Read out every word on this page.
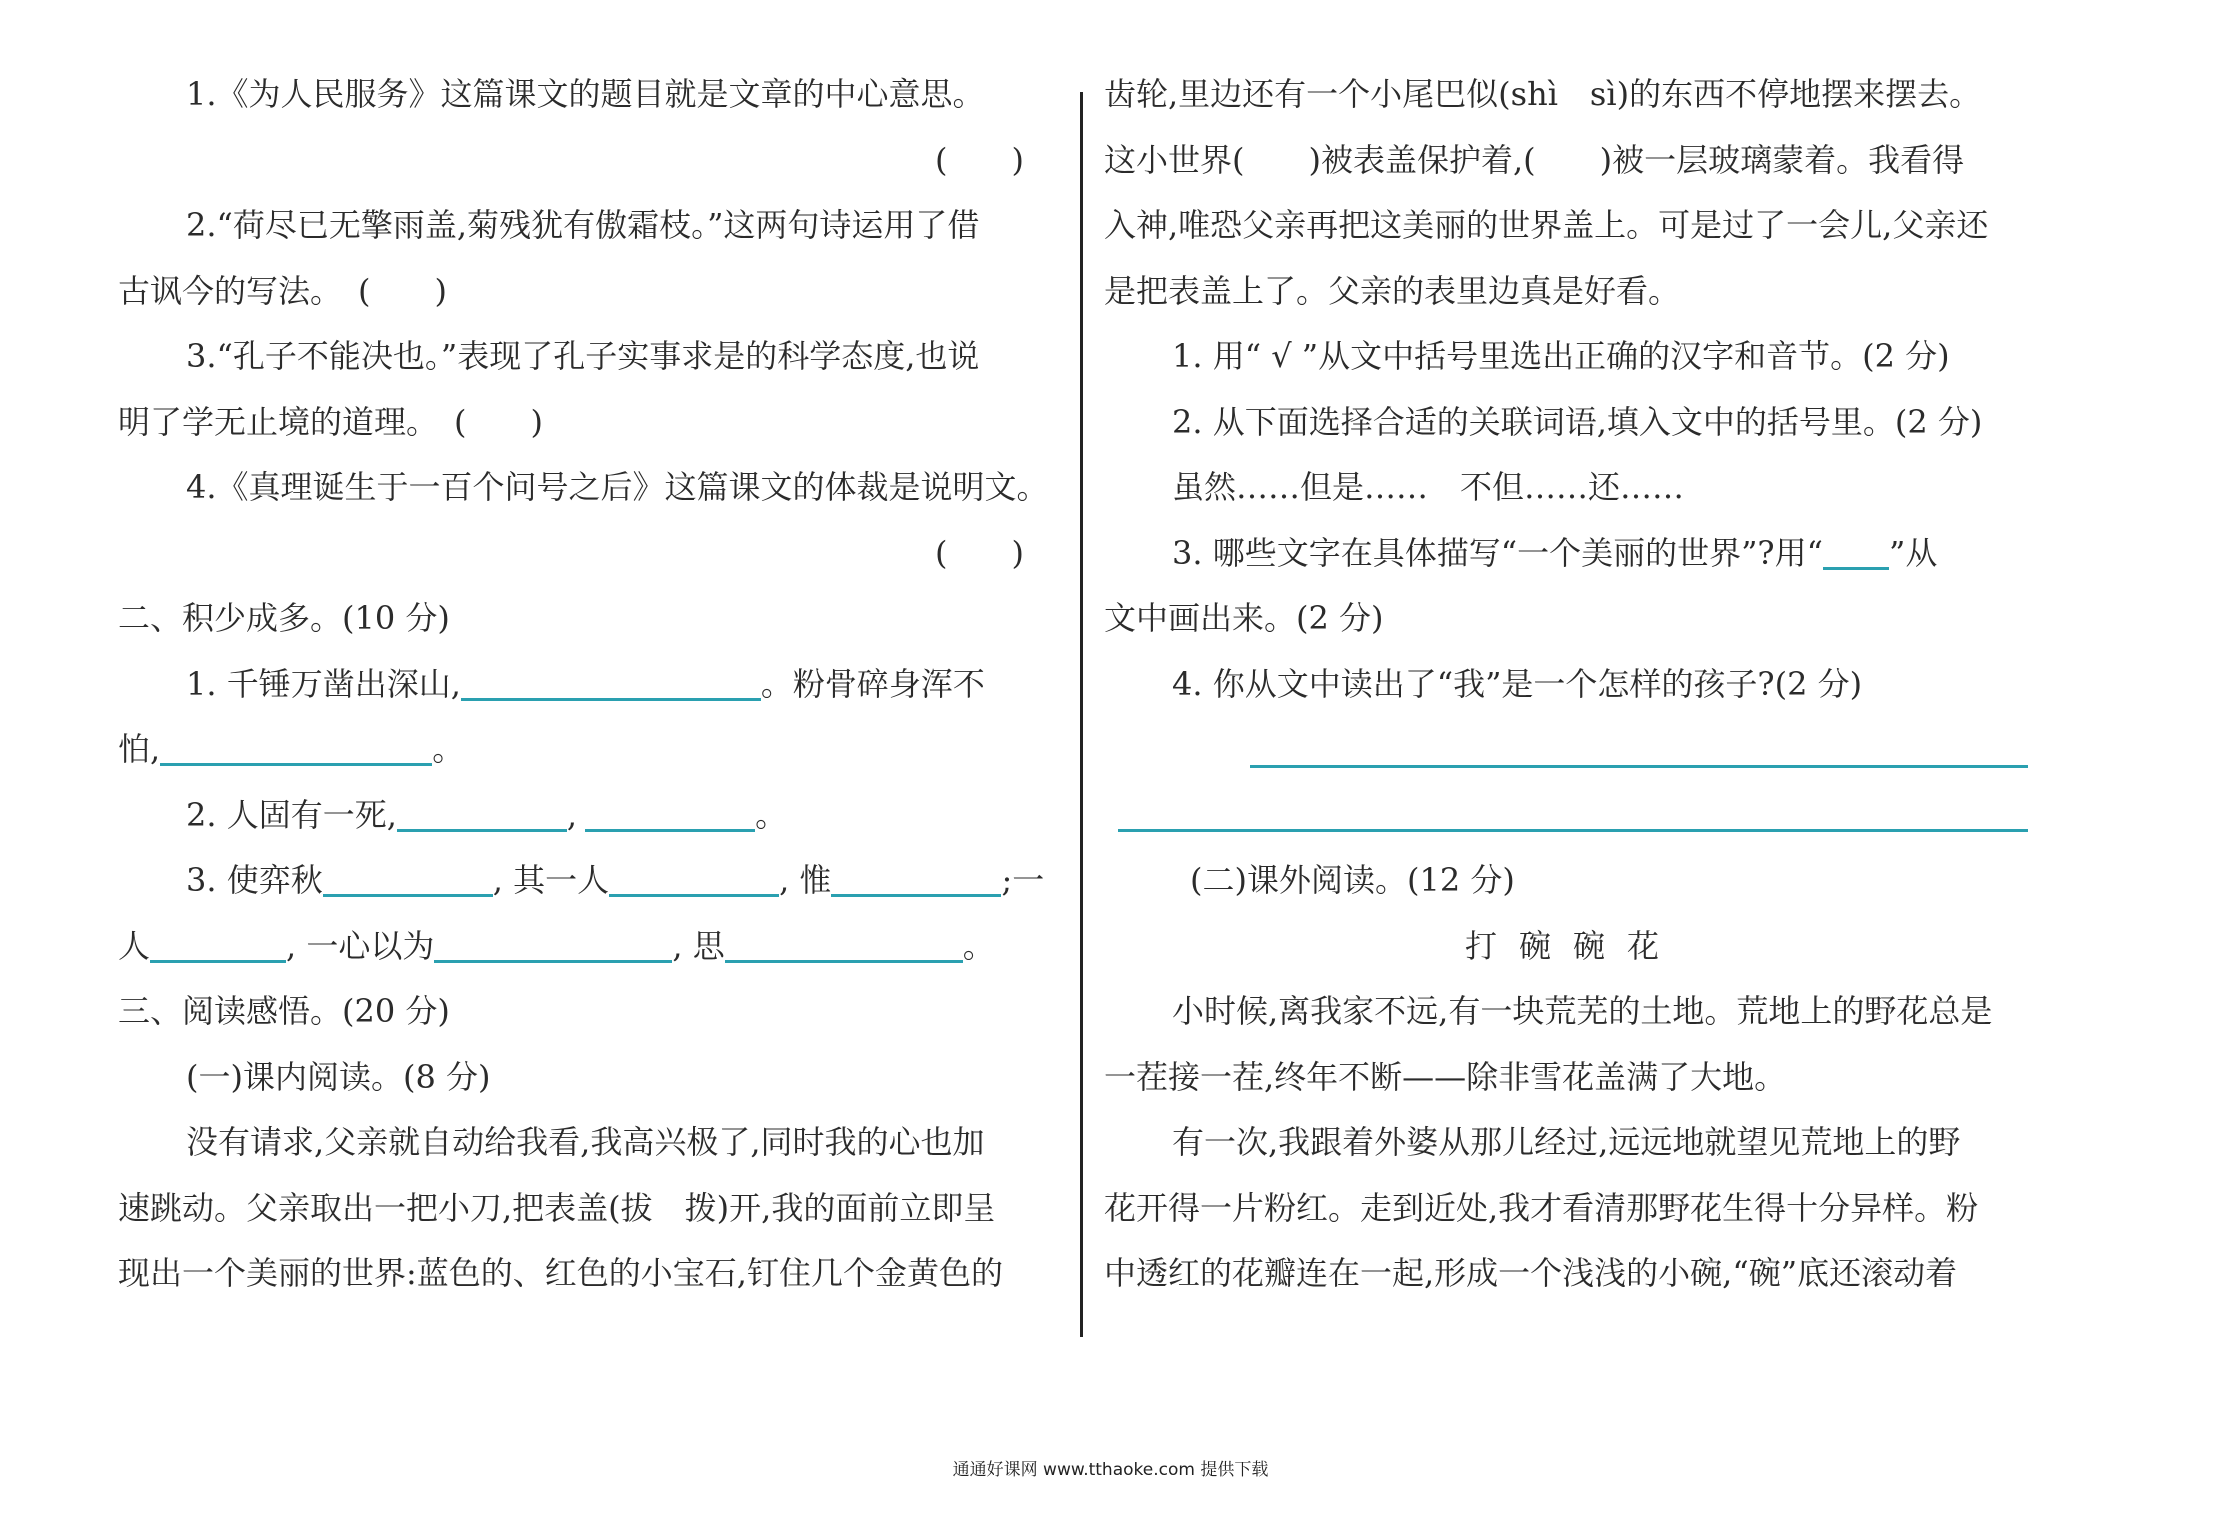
1.《为人民服务》这篇课文的题目就是文章的中心意思。
(　　)
2.“荷尽已无擎雨盖,菊残犹有傲霜枝。”这两句诗运用了借
古讽今的写法。　(　　)
3.“孔子不能决也。”表现了孔子实事求是的科学态度,也说
明了学无止境的道理。　(　　)
4.《真理诞生于一百个问号之后》这篇课文的体裁是说明文。
(　　)
二、积少成多。(10 分)
1. 千锤万凿出深山,	。粉骨碎身浑不
怕,	。
2. 人固有一死,	,	。
3. 使弈秋	, 其一人	, 惟	;一
人	, 一心以为	, 思	。
三、阅读感悟。(20 分)
(一)课内阅读。(8 分)
没有请求,父亲就自动给我看,我高兴极了,同时我的心也加
速跳动。父亲取出一把小刀,把表盖(拔　拨)开,我的面前立即呈
现出一个美丽的世界:蓝色的、红色的小宝石,钉住几个金黄色的
齿轮,里边还有一个小尾巴似(shì　sì)的东西不停地摆来摆去。
这小世界(　　)被表盖保护着,(　　)被一层玻璃蒙着。我看得
入神,唯恐父亲再把这美丽的世界盖上。可是过了一会儿,父亲还
是把表盖上了。父亲的表里边真是好看。
1. 用“ √ ”从文中括号里选出正确的汉字和音节。(2 分)
2. 从下面选择合适的关联词语,填入文中的括号里。(2 分)
虽然……但是……　不但……还……
3. 哪些文字在具体描写“一个美丽的世界”?用“ ”从
文中画出来。(2 分)
4. 你从文中读出了“我”是一个怎样的孩子?(2 分)
(二)课外阅读。(12 分)
打碗碗花
小时候,离我家不远,有一块荒芜的土地。荒地上的野花总是
一茬接一茬,终年不断——除非雪花盖满了大地。
有一次,我跟着外婆从那儿经过,远远地就望见荒地上的野
花开得一片粉红。走到近处,我才看清那野花生得十分异样。粉
中透红的花瓣连在一起,形成一个浅浅的小碗,“碗”底还滚动着
通通好课网 www.tthaoke.com 提供下载
